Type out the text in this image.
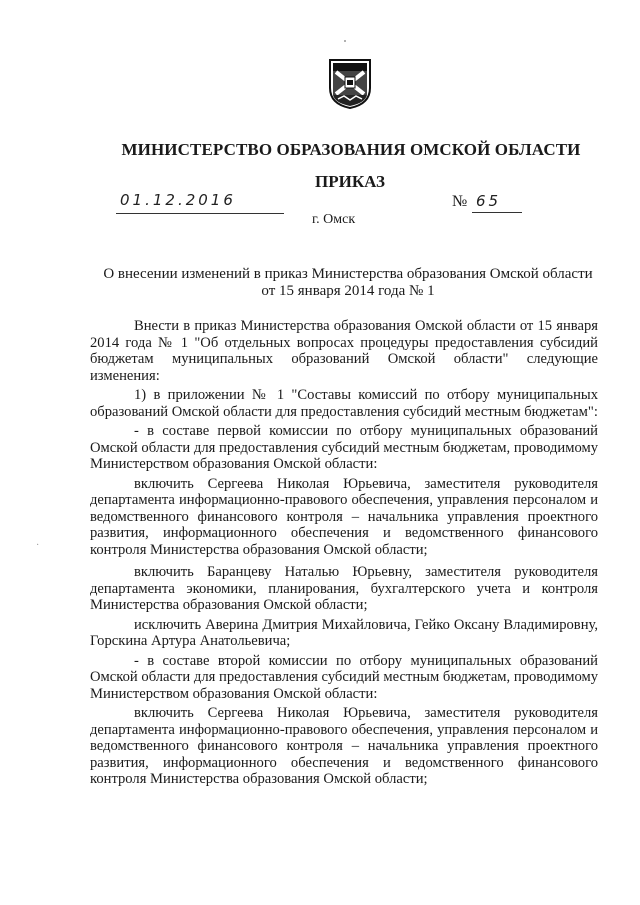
МИНИСТЕРСТВО ОБРАЗОВАНИЯ ОМСКОЙ ОБЛАСТИ
ПРИКАЗ
01.12.2016	№ 65
г. Омск
О внесении изменений в приказ Министерства образования Омской области
от 15 января 2014 года № 1
·

Внести в приказ Министерства образования Омской области от 15 января 2014 года № 1 "Об отдельных вопросах процедуры предоставления субсидий бюджетам муниципальных образований Омской области" следующие изменения:

1) в приложении № 1 "Составы комиссий по отбору муниципальных образований Омской области для предоставления субсидий местным бюджетам":

- в составе первой комиссии по отбору муниципальных образований Омской области для предоставления субсидий местным бюджетам, проводимому Министерством образования Омской области:

включить Сергеева Николая Юрьевича, заместителя руководителя департамента информационно-правового обеспечения, управления персоналом и ведомственного финансового контроля – начальника управления проектного развития, информационного обеспечения и ведомственного финансового контроля Министерства образования Омской области;

включить Баранцеву Наталью Юрьевну, заместителя руководителя департамента экономики, планирования, бухгалтерского учета и контроля Министерства образования Омской области;

исключить Аверина Дмитрия Михайловича, Гейко Оксану Владимировну, Горскина Артура Анатольевича;

- в составе второй комиссии по отбору муниципальных образований Омской области для предоставления субсидий местным бюджетам, проводимому Министерством образования Омской области:

включить Сергеева Николая Юрьевича, заместителя руководителя департамента информационно-правового обеспечения, управления персоналом и ведомственного финансового контроля – начальника управления проектного развития, информационного обеспечения и ведомственного финансового контроля Министерства образования Омской области;
